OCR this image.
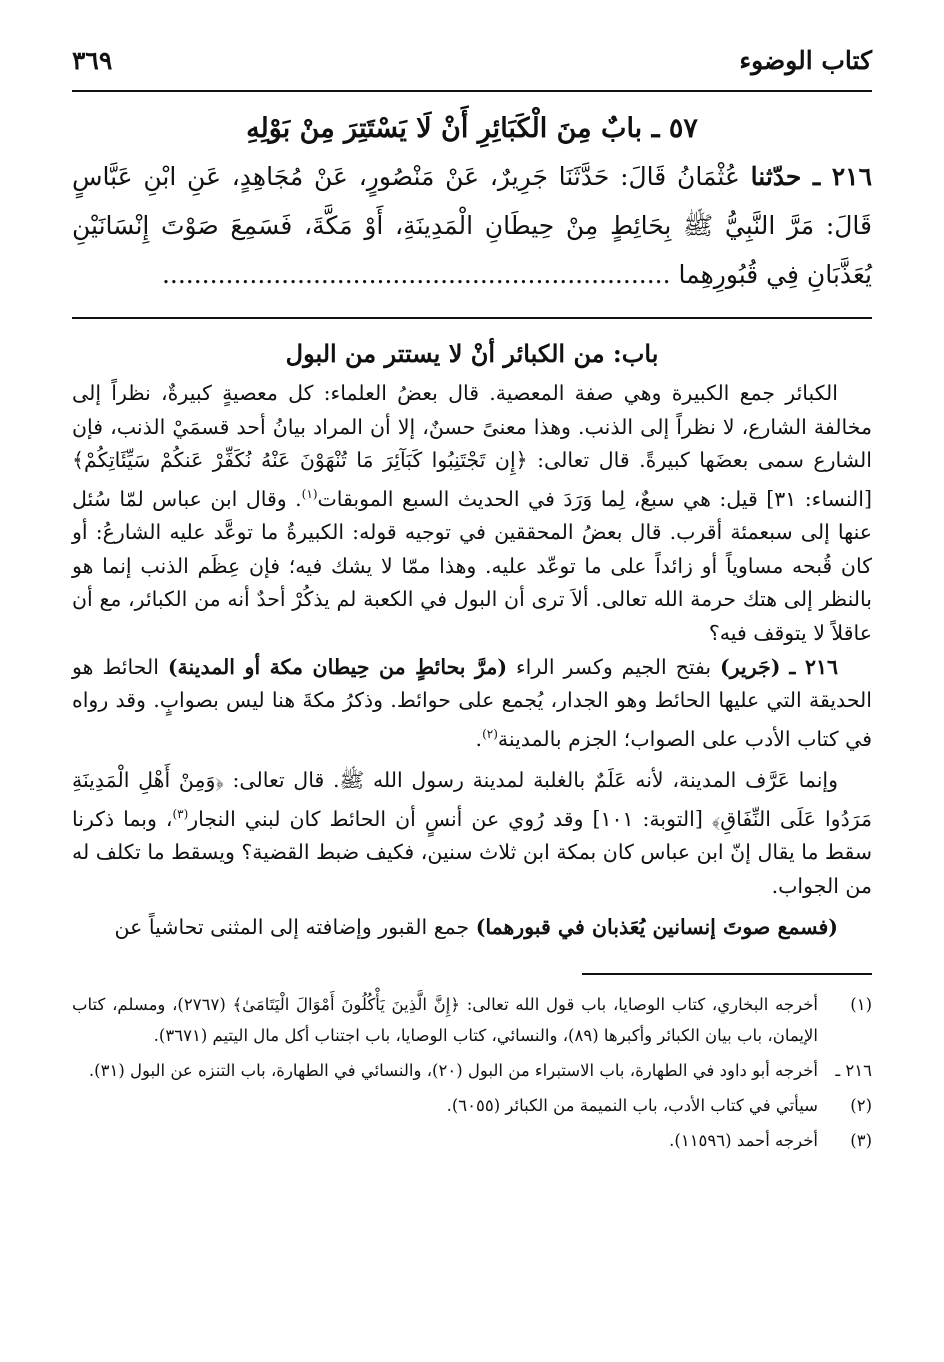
كتاب الوضوء
٣٦٩
٥٧ ـ بابٌ مِنَ الْكَبَائِرِ أَنْ لَا يَسْتَتِرَ مِنْ بَوْلِهِ

٢١٦ ـ حدّثنا عُثْمَانُ قَالَ: حَدَّثَنَا جَرِيرٌ، عَنْ مَنْصُورٍ، عَنْ مُجَاهِدٍ، عَنِ ابْنِ عَبَّاسٍ قَالَ: مَرَّ النَّبِيُّ ﷺ بِحَائِطٍ مِنْ حِيطَانِ الْمَدِينَةِ، أَوْ مَكَّةَ، فَسَمِعَ صَوْتَ إِنْسَانَيْنِ يُعَذَّبَانِ فِي قُبُورِهِما ................................................................

باب: من الكبائر أنْ لا يستتر من البول

الكبائر جمع الكبيرة وهي صفة المعصية. قال بعضُ العلماء: كل معصيةٍ كبيرةٌ، نظراً إلى مخالفة الشارع، لا نظراً إلى الذنب. وهذا معنىً حسنٌ، إلا أن المراد بيانُ أحد قسمَيْ الذنب، فإن الشارع سمى بعضَها كبيرةً. قال تعالى: ﴿إِن تَجْتَنِبُوا كَبَآئِرَ مَا تُنْهَوْنَ عَنْهُ نُكَفِّرْ عَنكُمْ سَيِّئَاتِكُمْ﴾ [النساء: ٣١] قيل: هي سبعٌ، لِما وَرَدَ في الحديث السبع الموبقات$^{(١)}$. وقال ابن عباس لمّا سُئل عنها إلى سبعمئة أقرب. قال بعضُ المحققين في توجيه قوله: الكبيرةُ ما توعَّد عليه الشارعُ: أو كان قُبحه مساوياً أو زائداً على ما توعّد عليه. وهذا ممّا لا يشك فيه؛ فإن عِظَم الذنب إنما هو بالنظر إلى هتك حرمة الله تعالى. ألاَ ترى أن البول في الكعبة لم يذكُرْ أحدٌ أنه من الكبائر، مع أن عاقلاً لا يتوقف فيه؟

٢١٦ ـ (جَرير) بفتح الجيم وكسر الراء (مرَّ بحائطٍ من حِيطان مكة أو المدينة) الحائط هو الحديقة التي عليها الحائط وهو الجدار، يُجمع على حوائط. وذكرُ مكةَ هنا ليس بصوابٍ. وقد رواه في كتاب الأدب على الصواب؛ الجزم بالمدينة$^{(٢)}$.

وإنما عَرَّف المدينة، لأنه عَلَمٌ بالغلبة لمدينة رسول الله ﷺ. قال تعالى: ﴿وَمِنْ أَهْلِ الْمَدِينَةِ مَرَدُوا عَلَى النِّفَاقِ﴾ [التوبة: ١٠١] وقد رُوي عن أنسٍ أن الحائط كان لبني النجار$^{(٣)}$، وبما ذكرنا سقط ما يقال إنّ ابن عباس كان بمكة ابن ثلاث سنين، فكيف ضبط القضية؟ ويسقط ما تكلف له من الجواب.

(فسمع صوتَ إنسانين يُعَذبان في قبورهما) جمع القبور وإضافته إلى المثنى تحاشياً عن

(١)
أخرجه البخاري، كتاب الوصايا، باب قول الله تعالى: ﴿إِنَّ الَّذِينَ يَأْكُلُونَ أَمْوَالَ الْيَتَامَىٰ﴾ (٢٧٦٧)، ومسلم، كتاب الإيمان، باب بيان الكبائر وأكبرها (٨٩)، والنسائي، كتاب الوصايا، باب اجتناب أكل مال اليتيم (٣٦٧١).
٢١٦ ـ
أخرجه أبو داود في الطهارة، باب الاستبراء من البول (٢٠)، والنسائي في الطهارة، باب التنزه عن البول (٣١).
(٢)
سيأتي في كتاب الأدب، باب النميمة من الكبائر (٦٠٥٥).
(٣)
أخرجه أحمد (١١٥٩٦).
